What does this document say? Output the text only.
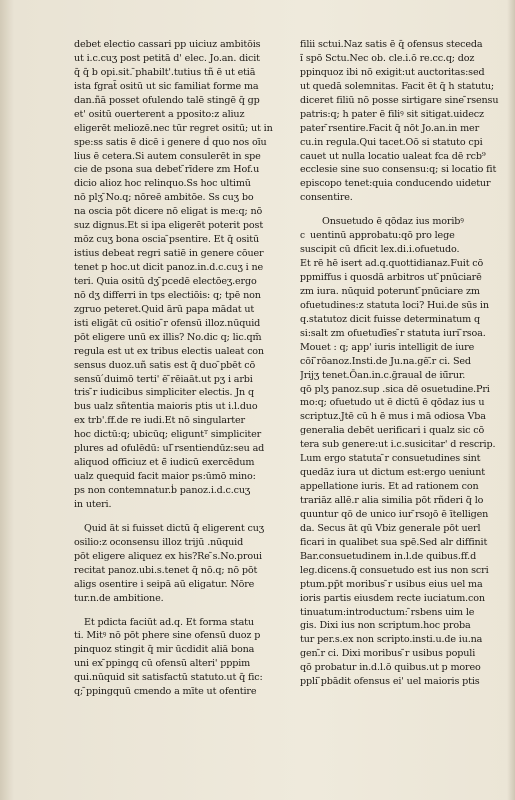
debet electio cassari pp uiciuz ambitōis
ut i.c.cuʒ post petitā d' elec. Jo.an. dicit
q̄ q̄ b opi.sit. ̄phabilt'.tutius tñ ē ut etiā
ista fgrat̄ ositū ut sic familiat forme ma
dan.ñā posset ofulendo talē stingē q̄ gp
et' ositū ouerterent a pposito:z aliuz
eligerēt meliozē.nec tūr regret ositū; ut in
spe:ss satis ē dicē i genere ḋ quo nos oīu
lius ē cetera.Si autem consulerēt in spe
cie de psona sua debet ̄rīdere zm Hof.u
dicio alioz hoc relinquo.Ss hoc ultimū
nō plʒ ̄No.q; nōreē ambitōe. Ss cuʒ bo
na oscia pōt dicere nō eligat is me:q; nō
suz dignus.Et si ipa eligerēt poterit post
mōz cuʒ bona oscia ̄psentire. Et q̄ ositū
istius debeat regri satiē in genere cōuer
tenet p hoc.ut dicit panoz.in.d.c.cuʒ i ne
teri. Quia ositū dʒ ̄pcedē electōeʒ.ergo
nō dʒ differri in tps electiōis: q; tpē non
zgruo peteret.Quid ārū papa mādat ut
isti eligāt cū ositio ̄r ofensū illoz.nūquid
pōt eligere unū ex illis? No.dic q; lic.qm̄
regula est ut ex tribus electis ualeat con
sensus duoz.uñ satis est q̄ duo ̄pbēt cō
sensū ́duimō terti' ē ̄rēiaāt.ut pʒ i arbi
tris ̄r iudicibus simpliciter electis. Jn q
bus ualz sñtentia maioris ptis ut i.l.duo
ex trb'.ff.de re iudi.Et nō singularter
hoc dictū:q; ubicūq; eliguntᵀ simpliciter
plures ad ofulēdū: ul ̄rsentiendūz:seu ad
aliquod officiuz et ē̄ iudicū exercēdum
ualz quequid facit maior ps:ūmō mino:
ps non contemnatur.ḃ panoz.i.d.c.cuʒ
in uteri.
Quid āt si fuisset dictū q̄ eligerent cuʒ
osilio:z oconsensu illoz trijū .nūquid
pōt eligere aliquez ex his?Re ̄s.No.proui
recitat panoz.ubi.s.tenet q̄ nō.q; nō pōt
aligs osentire i seipā aū eligatur. Nōre
tur.n.de ambitione.
Et pdicta faciūt ad.q. Et forma statu
ti. Mitꝰ nō pōt phere sine ofensū duoz p
pinquoz stingit q̄ mir ūcdidit aliā bona
uni ex ̄ppingq cū ofensū alteri' pppim
qui.nūquid sit satisfactū statuto.ut q̄ fic:
q; ̄ppingquū cmendo a mīte ut ofentire
filii sctui.Naz satis ē q̄ ofensus steceda
ı̄ spō Sctu.Nec ob. cle.i.ō re.cc.q; doz
̄ppinquoz ibi nō exigit:ut auctoritas:sed
ut quedā solemnitas. Facit ēt q̄ h statutu;
diceret filiū nō posse sirtigare sine ̄rsensu
patris:q; h pater ē filiꝰ sit sitigat.uidecz
pater ̄rsentire.Facit q̄ nōt Jo.an.in mer
cu.in regula.Qui tacet.Oō si statuto cpi
cauet ut nulla locatio ualeat fca dē rcb⁹
ecclesie sine suo consensu:q; si locatio fit
episcopo tenet:quia conducendo uidetur
consentire.
Onsuetudo ē qōdaz ius moribꝰ
c uentinū approbatu:qō pro lege
suscipit cū dficit lex.di.i.ofuetudo.
Et rē hē isert ad.q.quottidianaz.Fuit cō
̄ppmiffus i quosdā arbitros ut ̄pnūciarē
zm iura. nūquid poterunt ̄pnūciare zm
ofuetudines:z statuta loci? Hui.de sūs in
q.statutoz dicit fuisse determinatum q
si:salt zm ofuetudīes ̄r statuta iuri ̄rsoa.
Mouet : q; app' iuris intelligit de iure
cōi ̄rōanoz.Insti.de Ju.na.gē.̄r ci. Sed
Jrijʒ tenet.Ōan.in.c.ḡraual de iū̄rur.
qō plʒ panoz.sup .sica dē osuetudine.Pri
mo:q; ofuetudo ut ē dictū ē qōdaz ius u
scriptuz.Jtē cū h ē mus i mā odiosa Vba
generalia debēt uerificari i qualz sic cō
tera sub genere:ut i.c.susicitar' d rescrip.
Lum ergo statuta ̄r consuetudines sint
quedāz iura ut dictum est:ergo ueniunt
appellatione iuris. Et ad rationem con
trariāz allē.r alia similia pōt rñderi q̄ lo
quuntur qō de unico iur ̄rsoȷō ē ītelligen
da. Secus āt qū Vbiz generale pōt uerl
ficari in qualibet sua spē.Sed alr diffinit
Bar.consuetudinem in.l.de quibus.ff.d
leg.dicens.q̄ consuetudo est ius non scri
ptum.pp̄t moribus ̄r usibus eius uel ma
ioris partis eiusdem recte iuciatum.con
tinuatum:introductum: ̄rsbens uim le
gis. Dixi ius non scriptum.hoc proba
tur per.s.ex non scripto.insti.u.de iu.na
gen.̄r ci. Dixi moribus ̄r usibus populi
qō probatur in.d.l.ō quibus.ut p moreo
ppli ̄pbādit ofensus ei' uel maioris ptis
